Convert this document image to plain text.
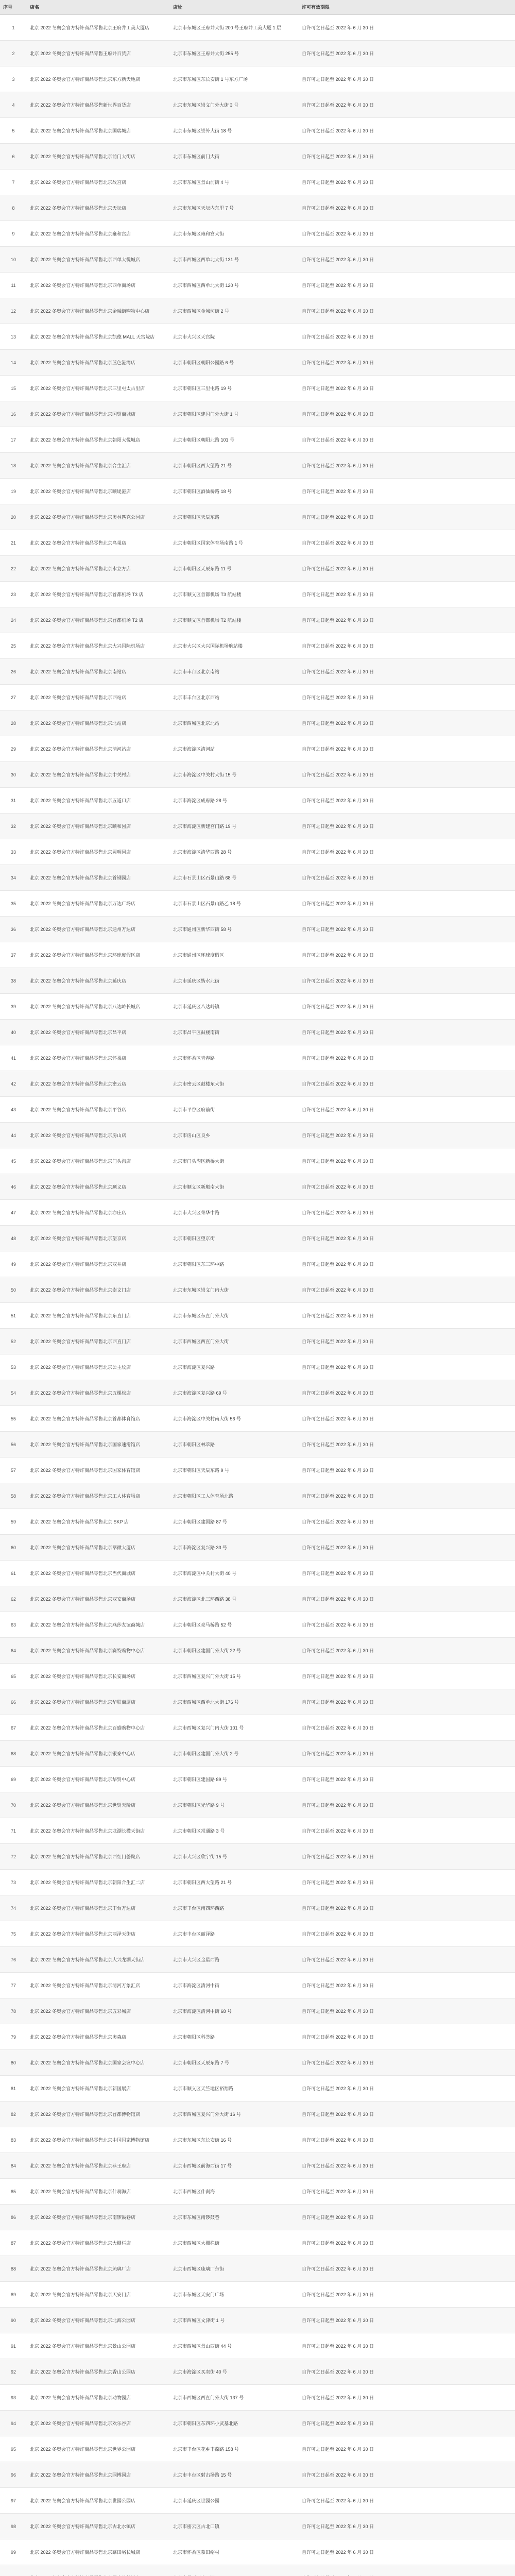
序号	店名	店址	许可有效期限
1	北京 2022 冬奥会官方特许商品零售北京王府井工美大厦店	北京市东城区王府井大街 200 号王府井工美大厦 1 层	自许可之日起至 2022 年 6 月 30 日
2	北京 2022 冬奥会官方特许商品零售王府井百货店	北京市东城区王府井大街 255 号	自许可之日起至 2022 年 6 月 30 日
3	北京 2022 冬奥会官方特许商品零售北京东方新天地店	北京市东城区东长安街 1 号东方广场	自许可之日起至 2022 年 6 月 30 日
4	北京 2022 冬奥会官方特许商品零售新世界百货店	北京市东城区崇文门外大街 3 号	自许可之日起至 2022 年 6 月 30 日
5	北京 2022 冬奥会官方特许商品零售北京国瑞城店	北京市东城区崇外大街 18 号	自许可之日起至 2022 年 6 月 30 日
6	北京 2022 冬奥会官方特许商品零售北京前门大街店	北京市东城区前门大街	自许可之日起至 2022 年 6 月 30 日
7	北京 2022 冬奥会官方特许商品零售北京故宫店	北京市东城区景山前街 4 号	自许可之日起至 2022 年 6 月 30 日
8	北京 2022 冬奥会官方特许商品零售北京天坛店	北京市东城区天坛内东里 7 号	自许可之日起至 2022 年 6 月 30 日
9	北京 2022 冬奥会官方特许商品零售北京雍和宫店	北京市东城区雍和宫大街	自许可之日起至 2022 年 6 月 30 日
10	北京 2022 冬奥会官方特许商品零售北京西单大悦城店	北京市西城区西单北大街 131 号	自许可之日起至 2022 年 6 月 30 日
11	北京 2022 冬奥会官方特许商品零售北京西单商场店	北京市西城区西单北大街 120 号	自许可之日起至 2022 年 6 月 30 日
12	北京 2022 冬奥会官方特许商品零售北京金融街购物中心店	北京市西城区金城坊街 2 号	自许可之日起至 2022 年 6 月 30 日
13	北京 2022 冬奥会官方特许商品零售北京凯德 MALL 天宫院店	北京市大兴区天宫院	自许可之日起至 2022 年 6 月 30 日
14	北京 2022 冬奥会官方特许商品零售北京蓝色港湾店	北京市朝阳区朝阳公园路 6 号	自许可之日起至 2022 年 6 月 30 日
15	北京 2022 冬奥会官方特许商品零售北京三里屯太古里店	北京市朝阳区三里屯路 19 号	自许可之日起至 2022 年 6 月 30 日
16	北京 2022 冬奥会官方特许商品零售北京国贸商城店	北京市朝阳区建国门外大街 1 号	自许可之日起至 2022 年 6 月 30 日
17	北京 2022 冬奥会官方特许商品零售北京朝阳大悦城店	北京市朝阳区朝阳北路 101 号	自许可之日起至 2022 年 6 月 30 日
18	北京 2022 冬奥会官方特许商品零售北京合生汇店	北京市朝阳区西大望路 21 号	自许可之日起至 2022 年 6 月 30 日
19	北京 2022 冬奥会官方特许商品零售北京颐堤港店	北京市朝阳区酒仙桥路 18 号	自许可之日起至 2022 年 6 月 30 日
20	北京 2022 冬奥会官方特许商品零售北京奥林匹克公园店	北京市朝阳区天辰东路	自许可之日起至 2022 年 6 月 30 日
21	北京 2022 冬奥会官方特许商品零售北京鸟巢店	北京市朝阳区国家体育场南路 1 号	自许可之日起至 2022 年 6 月 30 日
22	北京 2022 冬奥会官方特许商品零售北京水立方店	北京市朝阳区天辰东路 11 号	自许可之日起至 2022 年 6 月 30 日
23	北京 2022 冬奥会官方特许商品零售北京首都机场 T3 店	北京市顺义区首都机场 T3 航站楼	自许可之日起至 2022 年 6 月 30 日
24	北京 2022 冬奥会官方特许商品零售北京首都机场 T2 店	北京市顺义区首都机场 T2 航站楼	自许可之日起至 2022 年 6 月 30 日
25	北京 2022 冬奥会官方特许商品零售北京大兴国际机场店	北京市大兴区大兴国际机场航站楼	自许可之日起至 2022 年 6 月 30 日
26	北京 2022 冬奥会官方特许商品零售北京南站店	北京市丰台区北京南站	自许可之日起至 2022 年 6 月 30 日
27	北京 2022 冬奥会官方特许商品零售北京西站店	北京市丰台区北京西站	自许可之日起至 2022 年 6 月 30 日
28	北京 2022 冬奥会官方特许商品零售北京北站店	北京市西城区北京北站	自许可之日起至 2022 年 6 月 30 日
29	北京 2022 冬奥会官方特许商品零售北京清河站店	北京市海淀区清河站	自许可之日起至 2022 年 6 月 30 日
30	北京 2022 冬奥会官方特许商品零售北京中关村店	北京市海淀区中关村大街 15 号	自许可之日起至 2022 年 6 月 30 日
31	北京 2022 冬奥会官方特许商品零售北京五道口店	北京市海淀区成府路 28 号	自许可之日起至 2022 年 6 月 30 日
32	北京 2022 冬奥会官方特许商品零售北京颐和园店	北京市海淀区新建宫门路 19 号	自许可之日起至 2022 年 6 月 30 日
33	北京 2022 冬奥会官方特许商品零售北京圆明园店	北京市海淀区清华西路 28 号	自许可之日起至 2022 年 6 月 30 日
34	北京 2022 冬奥会官方特许商品零售北京首钢园店	北京市石景山区石景山路 68 号	自许可之日起至 2022 年 6 月 30 日
35	北京 2022 冬奥会官方特许商品零售北京万达广场店	北京市石景山区石景山路乙 18 号	自许可之日起至 2022 年 6 月 30 日
36	北京 2022 冬奥会官方特许商品零售北京通州万达店	北京市通州区新华西街 58 号	自许可之日起至 2022 年 6 月 30 日
37	北京 2022 冬奥会官方特许商品零售北京环球度假区店	北京市通州区环球度假区	自许可之日起至 2022 年 6 月 30 日
38	北京 2022 冬奥会官方特许商品零售北京延庆店	北京市延庆区妫水北街	自许可之日起至 2022 年 6 月 30 日
39	北京 2022 冬奥会官方特许商品零售北京八达岭长城店	北京市延庆区八达岭镇	自许可之日起至 2022 年 6 月 30 日
40	北京 2022 冬奥会官方特许商品零售北京昌平店	北京市昌平区鼓楼南街	自许可之日起至 2022 年 6 月 30 日
41	北京 2022 冬奥会官方特许商品零售北京怀柔店	北京市怀柔区青春路	自许可之日起至 2022 年 6 月 30 日
42	北京 2022 冬奥会官方特许商品零售北京密云店	北京市密云区鼓楼东大街	自许可之日起至 2022 年 6 月 30 日
43	北京 2022 冬奥会官方特许商品零售北京平谷店	北京市平谷区府前街	自许可之日起至 2022 年 6 月 30 日
44	北京 2022 冬奥会官方特许商品零售北京房山店	北京市房山区良乡	自许可之日起至 2022 年 6 月 30 日
45	北京 2022 冬奥会官方特许商品零售北京门头沟店	北京市门头沟区新桥大街	自许可之日起至 2022 年 6 月 30 日
46	北京 2022 冬奥会官方特许商品零售北京顺义店	北京市顺义区新顺南大街	自许可之日起至 2022 年 6 月 30 日
47	北京 2022 冬奥会官方特许商品零售北京亦庄店	北京市大兴区荣华中路	自许可之日起至 2022 年 6 月 30 日
48	北京 2022 冬奥会官方特许商品零售北京望京店	北京市朝阳区望京街	自许可之日起至 2022 年 6 月 30 日
49	北京 2022 冬奥会官方特许商品零售北京双井店	北京市朝阳区东三环中路	自许可之日起至 2022 年 6 月 30 日
50	北京 2022 冬奥会官方特许商品零售北京崇文门店	北京市东城区崇文门内大街	自许可之日起至 2022 年 6 月 30 日
51	北京 2022 冬奥会官方特许商品零售北京东直门店	北京市东城区东直门外大街	自许可之日起至 2022 年 6 月 30 日
52	北京 2022 冬奥会官方特许商品零售北京西直门店	北京市西城区西直门外大街	自许可之日起至 2022 年 6 月 30 日
53	北京 2022 冬奥会官方特许商品零售北京公主坟店	北京市海淀区复兴路	自许可之日起至 2022 年 6 月 30 日
54	北京 2022 冬奥会官方特许商品零售北京五棵松店	北京市海淀区复兴路 69 号	自许可之日起至 2022 年 6 月 30 日
55	北京 2022 冬奥会官方特许商品零售北京首都体育馆店	北京市海淀区中关村南大街 56 号	自许可之日起至 2022 年 6 月 30 日
56	北京 2022 冬奥会官方特许商品零售北京国家速滑馆店	北京市朝阳区林萃路	自许可之日起至 2022 年 6 月 30 日
57	北京 2022 冬奥会官方特许商品零售北京国家体育馆店	北京市朝阳区天辰东路 9 号	自许可之日起至 2022 年 6 月 30 日
58	北京 2022 冬奥会官方特许商品零售北京工人体育场店	北京市朝阳区工人体育场北路	自许可之日起至 2022 年 6 月 30 日
59	北京 2022 冬奥会官方特许商品零售北京 SKP 店	北京市朝阳区建国路 87 号	自许可之日起至 2022 年 6 月 30 日
60	北京 2022 冬奥会官方特许商品零售北京翠微大厦店	北京市海淀区复兴路 33 号	自许可之日起至 2022 年 6 月 30 日
61	北京 2022 冬奥会官方特许商品零售北京当代商城店	北京市海淀区中关村大街 40 号	自许可之日起至 2022 年 6 月 30 日
62	北京 2022 冬奥会官方特许商品零售北京双安商场店	北京市海淀区北三环西路 38 号	自许可之日起至 2022 年 6 月 30 日
63	北京 2022 冬奥会官方特许商品零售北京燕莎友谊商城店	北京市朝阳区亮马桥路 52 号	自许可之日起至 2022 年 6 月 30 日
64	北京 2022 冬奥会官方特许商品零售北京赛特购物中心店	北京市朝阳区建国门外大街 22 号	自许可之日起至 2022 年 6 月 30 日
65	北京 2022 冬奥会官方特许商品零售北京长安商场店	北京市西城区复兴门外大街 15 号	自许可之日起至 2022 年 6 月 30 日
66	北京 2022 冬奥会官方特许商品零售北京华联商厦店	北京市西城区西单北大街 176 号	自许可之日起至 2022 年 6 月 30 日
67	北京 2022 冬奥会官方特许商品零售北京百盛购物中心店	北京市西城区复兴门内大街 101 号	自许可之日起至 2022 年 6 月 30 日
68	北京 2022 冬奥会官方特许商品零售北京银泰中心店	北京市朝阳区建国门外大街 2 号	自许可之日起至 2022 年 6 月 30 日
69	北京 2022 冬奥会官方特许商品零售北京华贸中心店	北京市朝阳区建国路 89 号	自许可之日起至 2022 年 6 月 30 日
70	北京 2022 冬奥会官方特许商品零售北京世贸天阶店	北京市朝阳区光华路 9 号	自许可之日起至 2022 年 6 月 30 日
71	北京 2022 冬奥会官方特许商品零售北京龙湖长楹天街店	北京市朝阳区常通路 3 号	自许可之日起至 2022 年 6 月 30 日
72	北京 2022 冬奥会官方特许商品零售北京西红门荟聚店	北京市大兴区欣宁街 15 号	自许可之日起至 2022 年 6 月 30 日
73	北京 2022 冬奥会官方特许商品零售北京朝阳合生汇二店	北京市朝阳区西大望路 21 号	自许可之日起至 2022 年 6 月 30 日
74	北京 2022 冬奥会官方特许商品零售北京丰台万达店	北京市丰台区南四环西路	自许可之日起至 2022 年 6 月 30 日
75	北京 2022 冬奥会官方特许商品零售北京丽泽天街店	北京市丰台区丽泽路	自许可之日起至 2022 年 6 月 30 日
76	北京 2022 冬奥会官方特许商品零售北京大兴龙湖天街店	北京市大兴区金星西路	自许可之日起至 2022 年 6 月 30 日
77	北京 2022 冬奥会官方特许商品零售北京清河万象汇店	北京市海淀区清河中街	自许可之日起至 2022 年 6 月 30 日
78	北京 2022 冬奥会官方特许商品零售北京五彩城店	北京市海淀区清河中街 68 号	自许可之日起至 2022 年 6 月 30 日
79	北京 2022 冬奥会官方特许商品零售北京奥森店	北京市朝阳区科荟路	自许可之日起至 2022 年 6 月 30 日
80	北京 2022 冬奥会官方特许商品零售北京国家会议中心店	北京市朝阳区天辰东路 7 号	自许可之日起至 2022 年 6 月 30 日
81	北京 2022 冬奥会官方特许商品零售北京新国展店	北京市顺义区天竺地区裕翔路	自许可之日起至 2022 年 6 月 30 日
82	北京 2022 冬奥会官方特许商品零售北京首都博物馆店	北京市西城区复兴门外大街 16 号	自许可之日起至 2022 年 6 月 30 日
83	北京 2022 冬奥会官方特许商品零售北京中国国家博物馆店	北京市东城区东长安街 16 号	自许可之日起至 2022 年 6 月 30 日
84	北京 2022 冬奥会官方特许商品零售北京恭王府店	北京市西城区前海西街 17 号	自许可之日起至 2022 年 6 月 30 日
85	北京 2022 冬奥会官方特许商品零售北京什刹海店	北京市西城区什刹海	自许可之日起至 2022 年 6 月 30 日
86	北京 2022 冬奥会官方特许商品零售北京南锣鼓巷店	北京市东城区南锣鼓巷	自许可之日起至 2022 年 6 月 30 日
87	北京 2022 冬奥会官方特许商品零售北京大栅栏店	北京市西城区大栅栏街	自许可之日起至 2022 年 6 月 30 日
88	北京 2022 冬奥会官方特许商品零售北京琉璃厂店	北京市西城区琉璃厂东街	自许可之日起至 2022 年 6 月 30 日
89	北京 2022 冬奥会官方特许商品零售北京天安门店	北京市东城区天安门广场	自许可之日起至 2022 年 6 月 30 日
90	北京 2022 冬奥会官方特许商品零售北京北海公园店	北京市西城区文津街 1 号	自许可之日起至 2022 年 6 月 30 日
91	北京 2022 冬奥会官方特许商品零售北京景山公园店	北京市西城区景山西街 44 号	自许可之日起至 2022 年 6 月 30 日
92	北京 2022 冬奥会官方特许商品零售北京香山公园店	北京市海淀区买卖街 40 号	自许可之日起至 2022 年 6 月 30 日
93	北京 2022 冬奥会官方特许商品零售北京动物园店	北京市西城区西直门外大街 137 号	自许可之日起至 2022 年 6 月 30 日
94	北京 2022 冬奥会官方特许商品零售北京欢乐谷店	北京市朝阳区东四环小武基北路	自许可之日起至 2022 年 6 月 30 日
95	北京 2022 冬奥会官方特许商品零售北京世界公园店	北京市丰台区花乡丰葆路 158 号	自许可之日起至 2022 年 6 月 30 日
96	北京 2022 冬奥会官方特许商品零售北京园博园店	北京市丰台区射击场路 15 号	自许可之日起至 2022 年 6 月 30 日
97	北京 2022 冬奥会官方特许商品零售北京世园公园店	北京市延庆区世园公园	自许可之日起至 2022 年 6 月 30 日
98	北京 2022 冬奥会官方特许商品零售北京古北水镇店	北京市密云区古北口镇	自许可之日起至 2022 年 6 月 30 日
99	北京 2022 冬奥会官方特许商品零售北京慕田峪长城店	北京市怀柔区慕田峪村	自许可之日起至 2022 年 6 月 30 日
